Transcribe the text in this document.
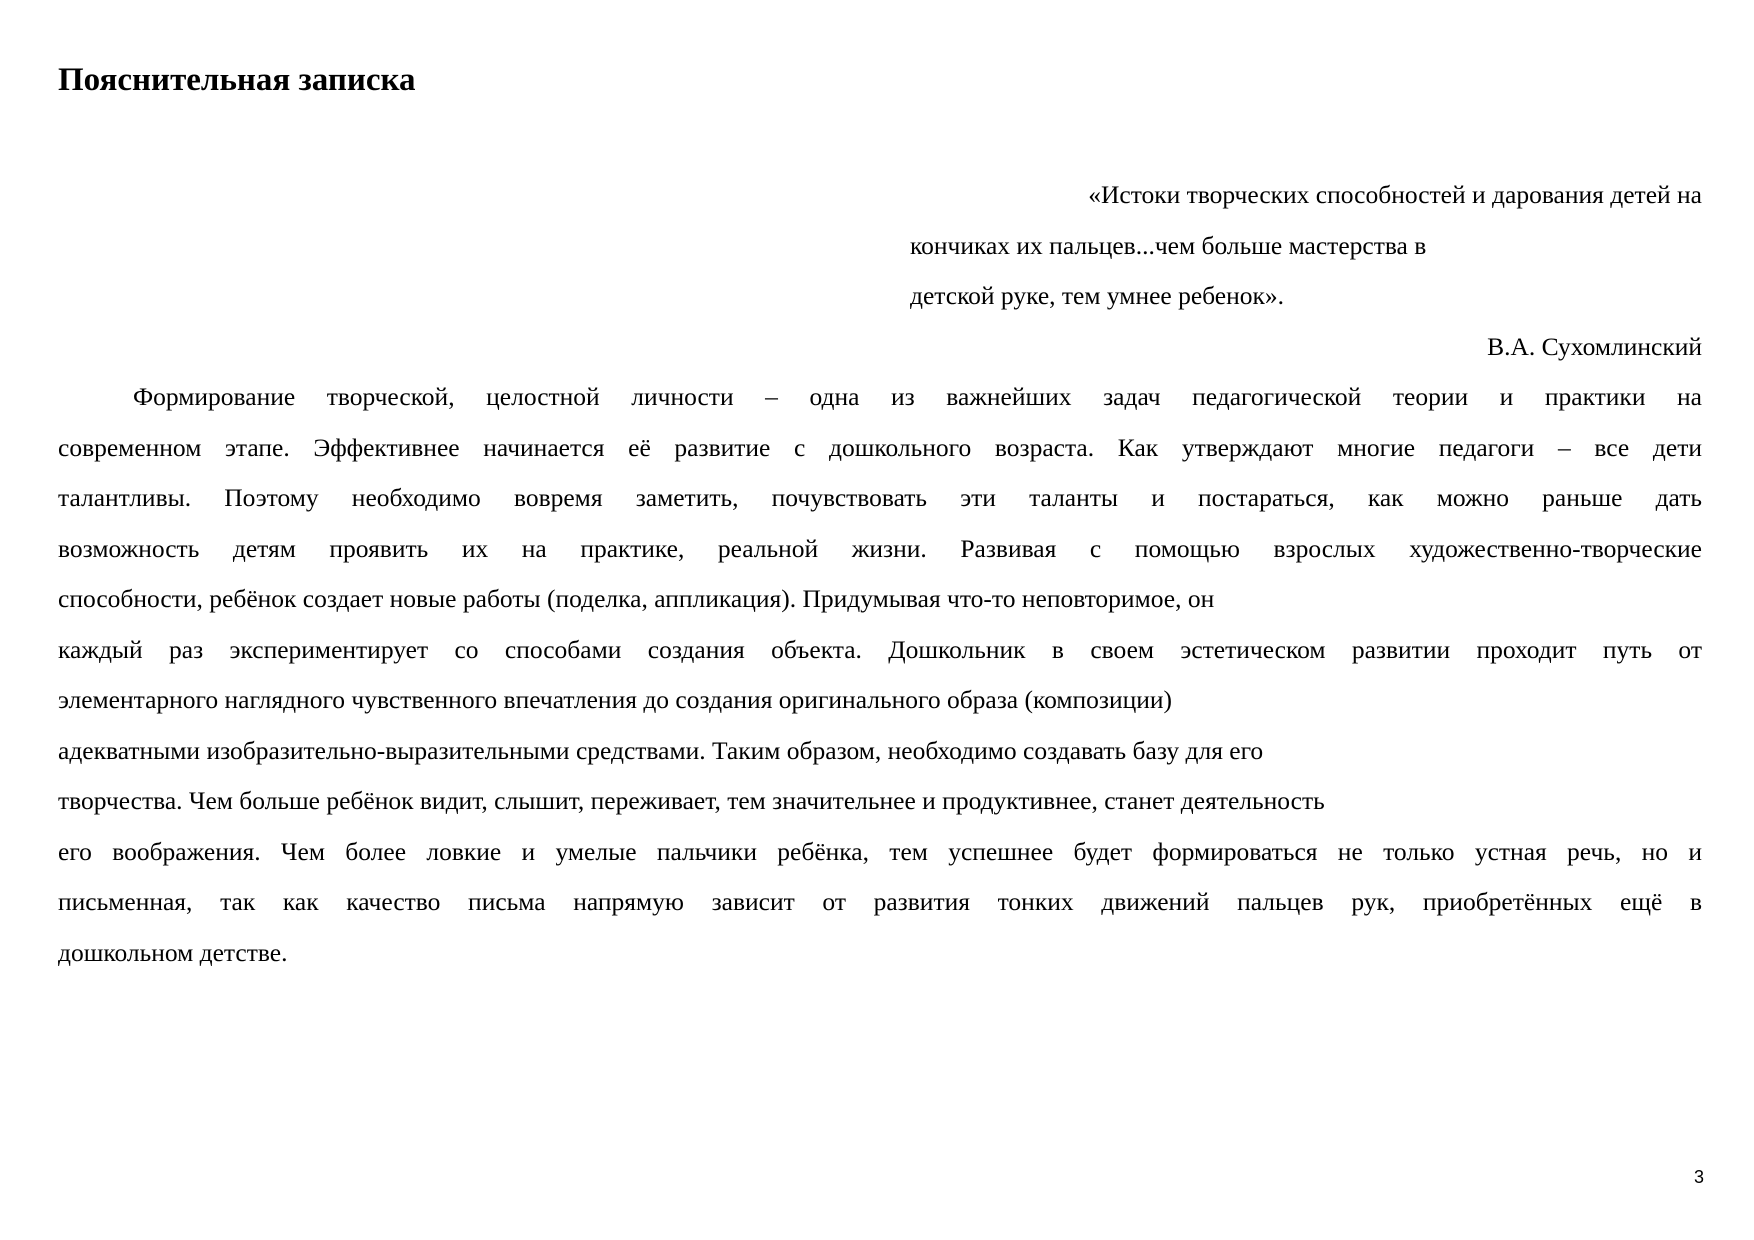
Пояснительная записка
«Истоки творческих способностей и дарования детей на
кончиках их пальцев...чем больше мастерства в
детской руке, тем умнее ребенок».
В.А. Сухомлинский
Формирование творческой, целостной личности – одна из важнейших задач педагогической теории и практики на
современном этапе. Эффективнее начинается её развитие с дошкольного возраста. Как утверждают многие педагоги – все дети
талантливы. Поэтому необходимо вовремя заметить, почувствовать эти таланты и постараться, как можно раньше дать
возможность детям проявить их на практике, реальной жизни. Развивая с помощью взрослых художественно-творческие
способности, ребёнок создает новые работы (поделка, аппликация). Придумывая что-то неповторимое, он
каждый раз экспериментирует со способами создания объекта. Дошкольник в своем эстетическом развитии проходит путь от
элементарного наглядного чувственного впечатления до создания оригинального образа (композиции)
адекватными изобразительно-выразительными средствами. Таким образом, необходимо создавать базу для его
творчества. Чем больше ребёнок видит, слышит, переживает, тем значительнее и продуктивнее, станет деятельность
его воображения. Чем более ловкие и умелые пальчики ребёнка, тем успешнее будет формироваться не только устная речь, но и
письменная, так как качество письма напрямую зависит от развития тонких движений пальцев рук, приобретённых ещё в
дошкольном детстве.
3
